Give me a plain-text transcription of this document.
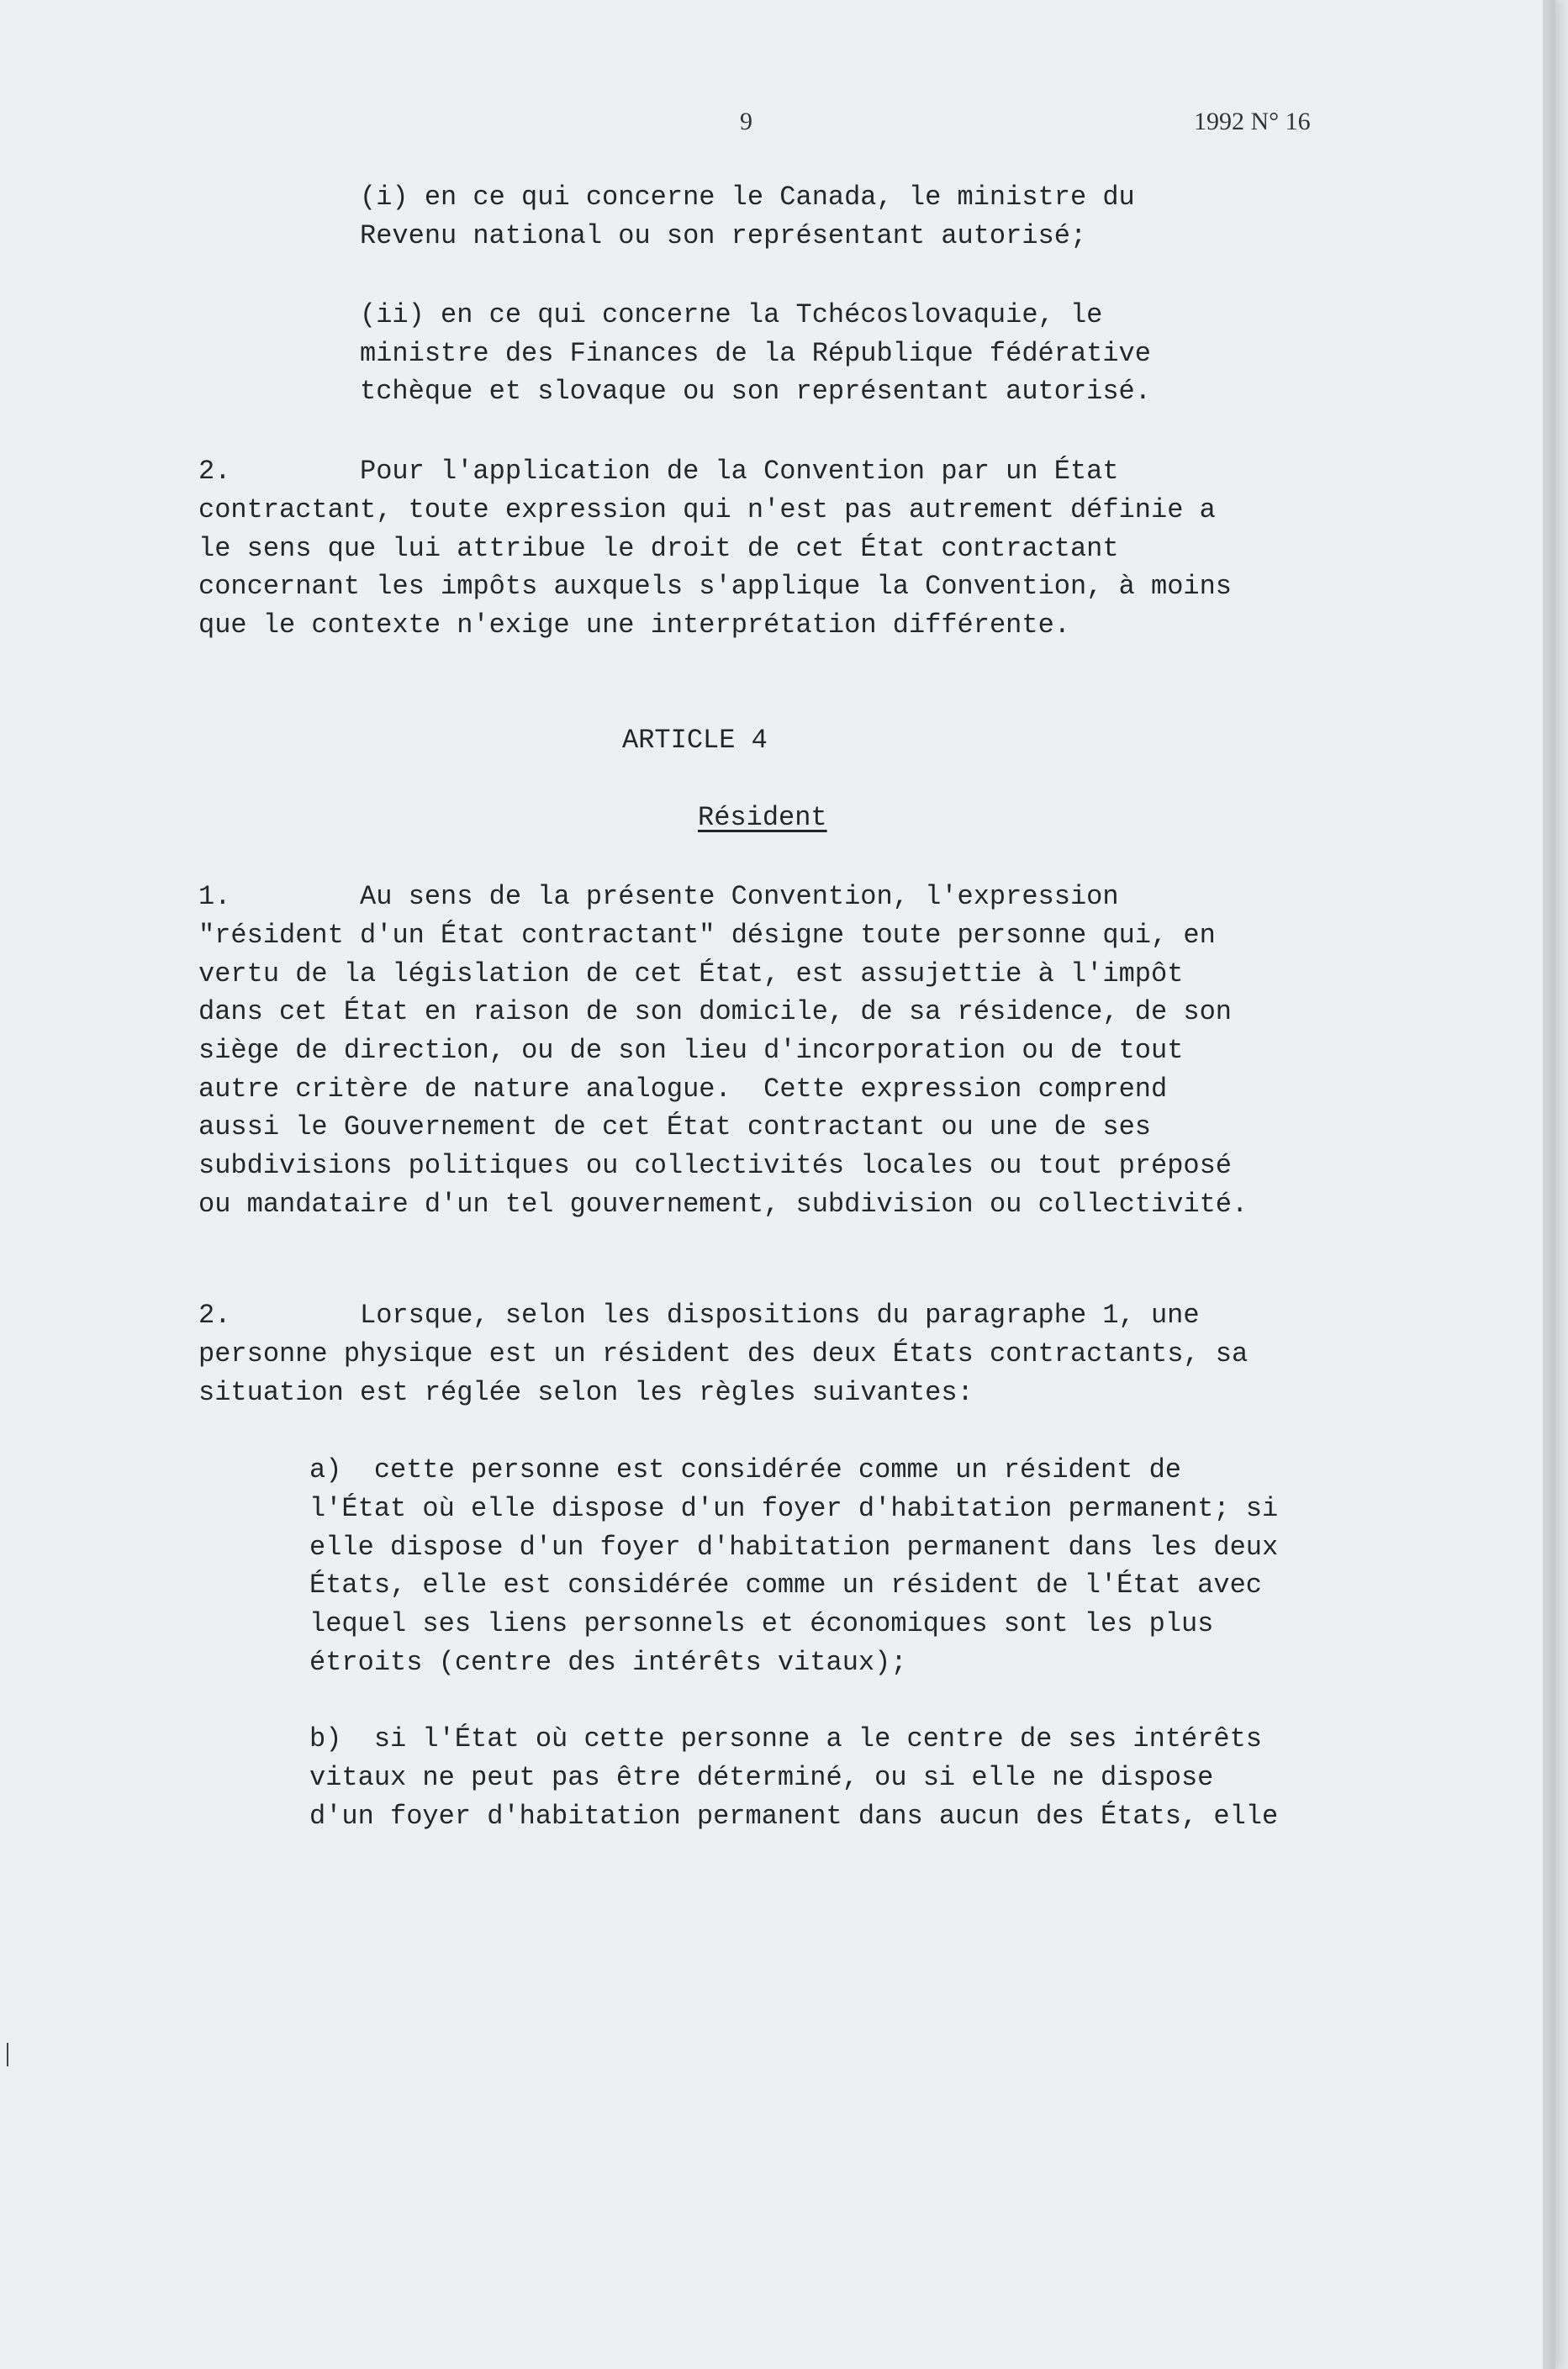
9	1992 N° 16
(i) en ce qui concerne le Canada, le ministre du
Revenu national ou son représentant autorisé;
(ii) en ce qui concerne la Tchécoslovaquie, le
ministre des Finances de la République fédérative
tchèque et slovaque ou son représentant autorisé.
2.	Pour l'application de la Convention par un État
contractant, toute expression qui n'est pas autrement définie a
le sens que lui attribue le droit de cet État contractant
concernant les impôts auxquels s'applique la Convention, à moins
que le contexte n'exige une interprétation différente.
ARTICLE 4
Résident
1.	Au sens de la présente Convention, l'expression
"résident d'un État contractant" désigne toute personne qui, en
vertu de la législation de cet État, est assujettie à l'impôt
dans cet État en raison de son domicile, de sa résidence, de son
siège de direction, ou de son lieu d'incorporation ou de tout
autre critère de nature analogue.  Cette expression comprend
aussi le Gouvernement de cet État contractant ou une de ses
subdivisions politiques ou collectivités locales ou tout préposé
ou mandataire d'un tel gouvernement, subdivision ou collectivité.
2.	Lorsque, selon les dispositions du paragraphe 1, une
personne physique est un résident des deux États contractants, sa
situation est réglée selon les règles suivantes:
a) cette personne est considérée comme un résident de
l'État où elle dispose d'un foyer d'habitation permanent; si
elle dispose d'un foyer d'habitation permanent dans les deux
États, elle est considérée comme un résident de l'État avec
lequel ses liens personnels et économiques sont les plus
étroits (centre des intérêts vitaux);
b) si l'État où cette personne a le centre de ses intérêts
vitaux ne peut pas être déterminé, ou si elle ne dispose
d'un foyer d'habitation permanent dans aucun des États, elle
